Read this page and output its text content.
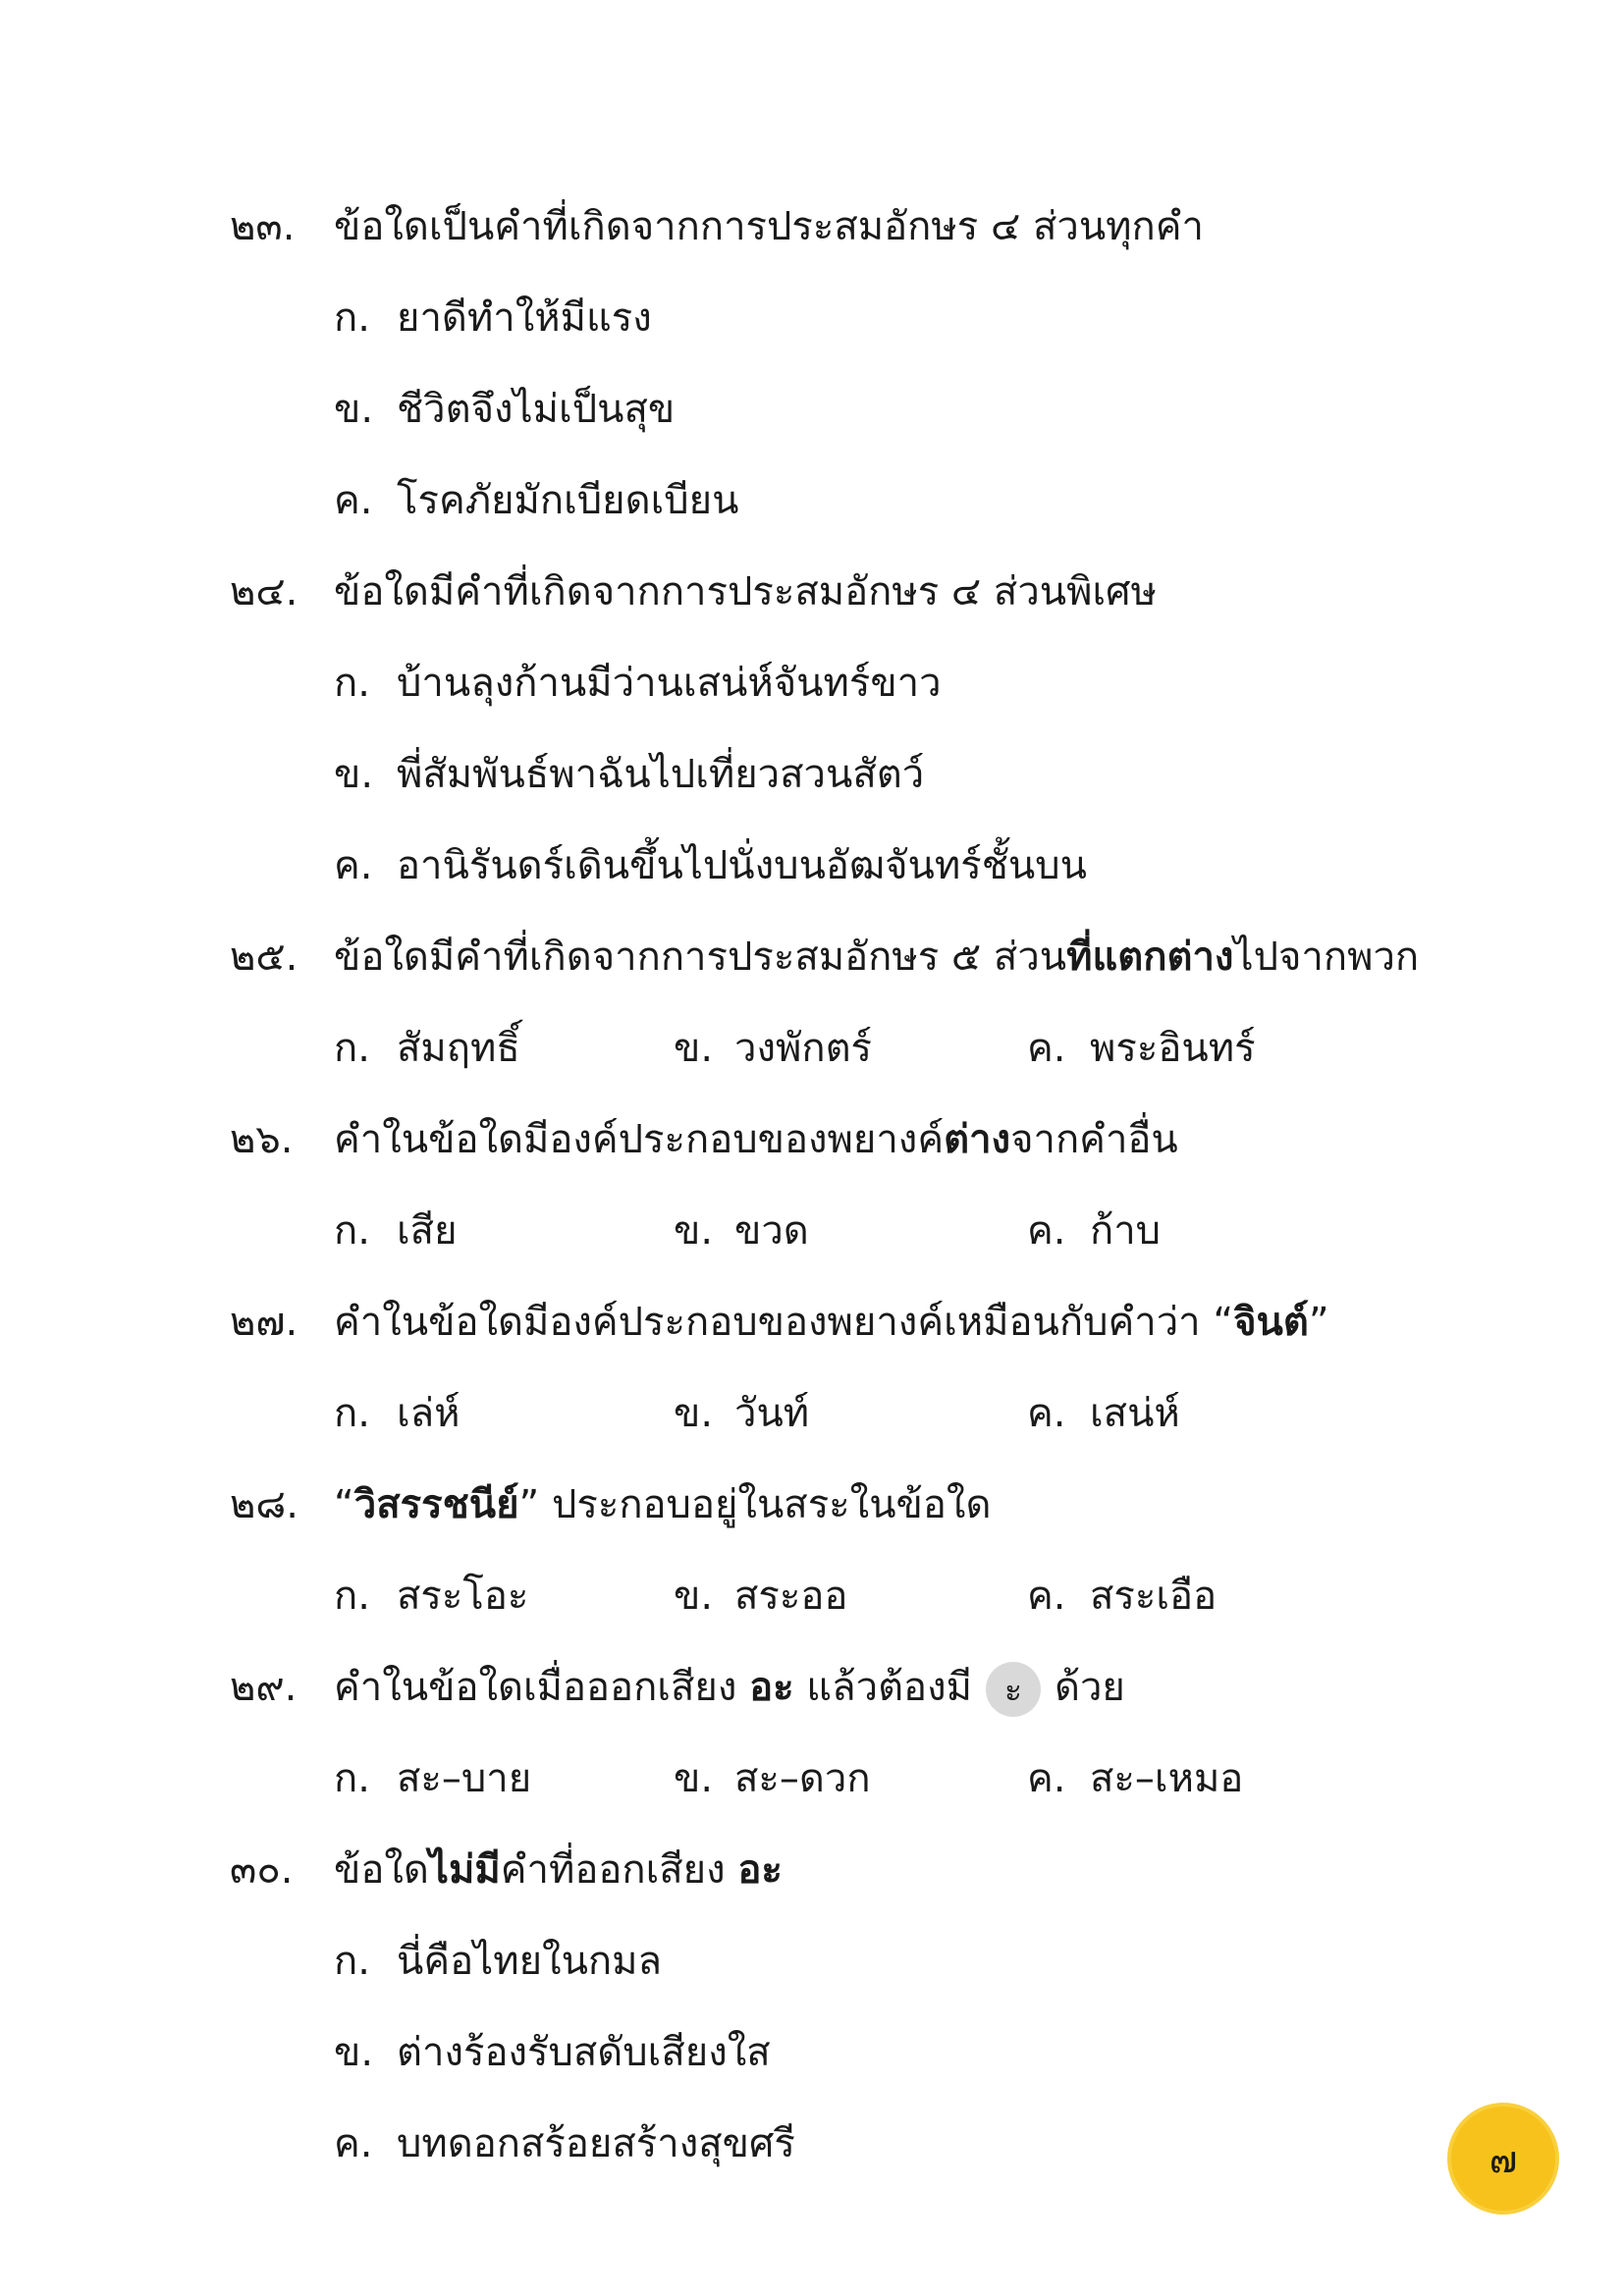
๒๓. ข้อใดเป็นคำที่เกิดจากการประสมอักษร ๔ ส่วนทุกคำ
ก. ยาดีทำให้มีแรง
ข. ชีวิตจึงไม่เป็นสุข
ค. โรคภัยมักเบียดเบียน
๒๔. ข้อใดมีคำที่เกิดจากการประสมอักษร ๔ ส่วนพิเศษ
ก. บ้านลุงก้านมีว่านเสน่ห์จันทร์ขาว
ข. พี่สัมพันธ์พาฉันไปเที่ยวสวนสัตว์
ค. อานิรันดร์เดินขึ้นไปนั่งบนอัฒจันทร์ชั้นบน
๒๕. ข้อใดมีคำที่เกิดจากการประสมอักษร ๕ ส่วนที่แตกต่างไปจากพวก
ก. สัมฤทธิ์	ข. วงพักตร์	ค. พระอินทร์
๒๖. คำในข้อใดมีองค์ประกอบของพยางค์ต่างจากคำอื่น
ก. เสีย	ข. ขวด	ค. ก้าบ
๒๗. คำในข้อใดมีองค์ประกอบของพยางค์เหมือนกับคำว่า “จินต์”
ก. เล่ห์	ข. วันท์	ค. เสน่ห์
๒๘. “วิสรรชนีย์” ประกอบอยู่ในสระในข้อใด
ก. สระโอะ	ข. สระออ	ค. สระเอือ
๒๙. คำในข้อใดเมื่อออกเสียง อะ แล้วต้องมี ะ ด้วย
ก. สะ–บาย	ข. สะ–ดวก	ค. สะ–เหมอ
๓๐. ข้อใดไม่มีคำที่ออกเสียง อะ
ก. นี่คือไทยในกมล
ข. ต่างร้องรับสดับเสียงใส
ค. บทดอกสร้อยสร้างสุขศรี	๗
